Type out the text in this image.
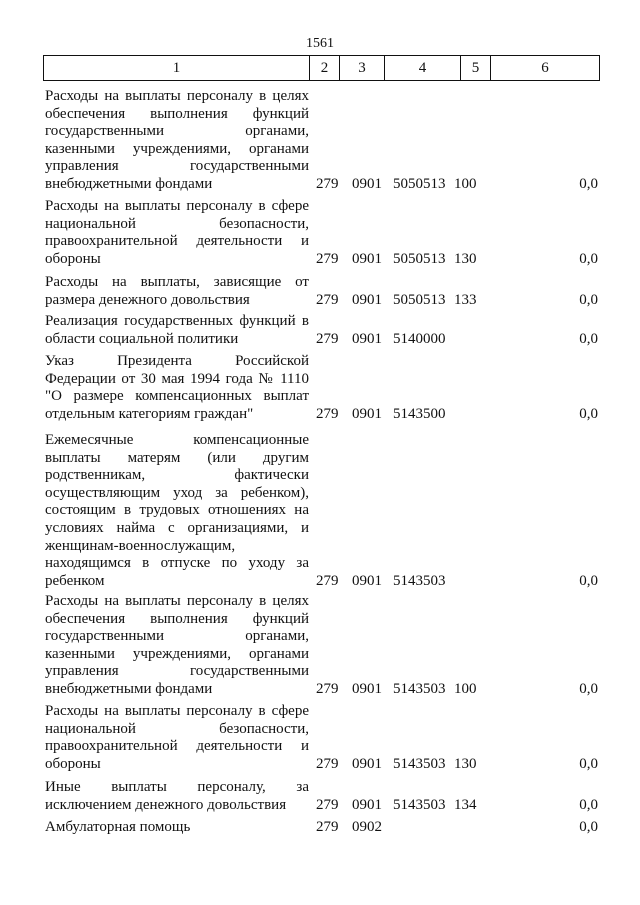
1561
1	2	3	4	5	6
Расходы на выплаты персоналу в целях
обеспечения выполнения функций
государственными органами,
казенными учреждениями, органами
управления государственными
внебюджетными фондами	279 0901 5050513 100	0,0
Расходы на выплаты персоналу в сфере
национальной безопасности,
правоохранительной деятельности и
обороны	279 0901 5050513 130	0,0
Расходы на выплаты, зависящие от
размера денежного довольствия	279 0901 5050513 133	0,0
Реализация государственных функций в
области социальной политики	279 0901 5140000	0,0
Указ Президента Российской
Федерации от 30 мая 1994 года № 1110
"О размере компенсационных выплат
отдельным категориям граждан"	279 0901 5143500	0,0
Ежемесячные компенсационные
выплаты матерям (или другим
родственникам, фактически
осуществляющим уход за ребенком),
состоящим в трудовых отношениях на
условиях найма с организациями, и
женщинам-военнослужащим,
находящимся в отпуске по уходу за
ребенком	279 0901 5143503	0,0
Расходы на выплаты персоналу в целях
обеспечения выполнения функций
государственными органами,
казенными учреждениями, органами
управления государственными
внебюджетными фондами	279 0901 5143503 100	0,0
Расходы на выплаты персоналу в сфере
национальной безопасности,
правоохранительной деятельности и
обороны	279 0901 5143503 130	0,0
Иные выплаты персоналу, за
исключением денежного довольствия	279 0901 5143503 134	0,0
Амбулаторная помощь	279 0902	0,0
